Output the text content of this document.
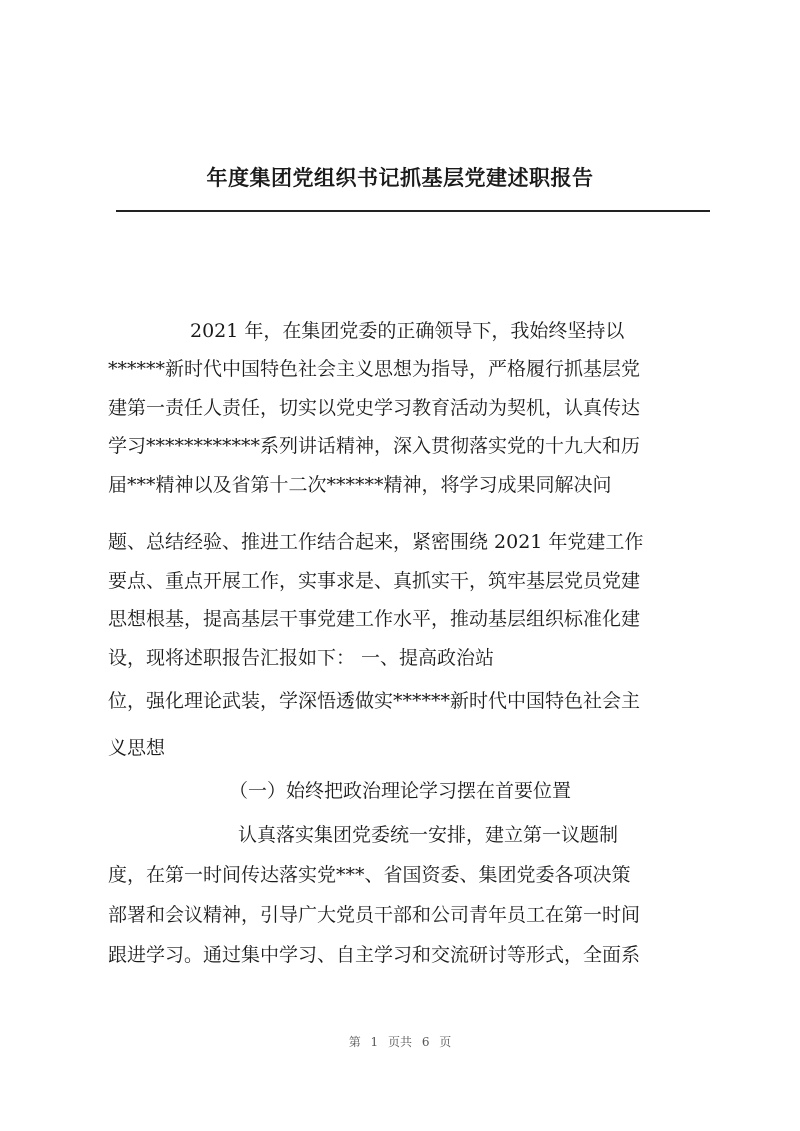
年度集团党组织书记抓基层党建述职报告
2021 年，在集团党委的正确领导下，我始终坚持以
******新时代中国特色社会主义思想为指导，严格履行抓基层党
建第一责任人责任，切实以党史学习教育活动为契机，认真传达
学习************系列讲话精神，深入贯彻落实党的十九大和历
届***精神以及省第十二次******精神，将学习成果同解决问
题、总结经验、推进工作结合起来，紧密围绕 2021 年党建工作
要点、重点开展工作，实事求是、真抓实干，筑牢基层党员党建
思想根基，提高基层干事党建工作水平，推动基层组织标准化建
设，现将述职报告汇报如下： 一、提高政治站
位，强化理论武装，学深悟透做实******新时代中国特色社会主
义思想
（一）始终把政治理论学习摆在首要位置
认真落实集团党委统一安排，建立第一议题制
度，在第一时间传达落实党***、省国资委、集团党委各项决策
部署和会议精神，引导广大党员干部和公司青年员工在第一时间
跟进学习。通过集中学习、自主学习和交流研讨等形式，全面系
第 1 页共 6 页
